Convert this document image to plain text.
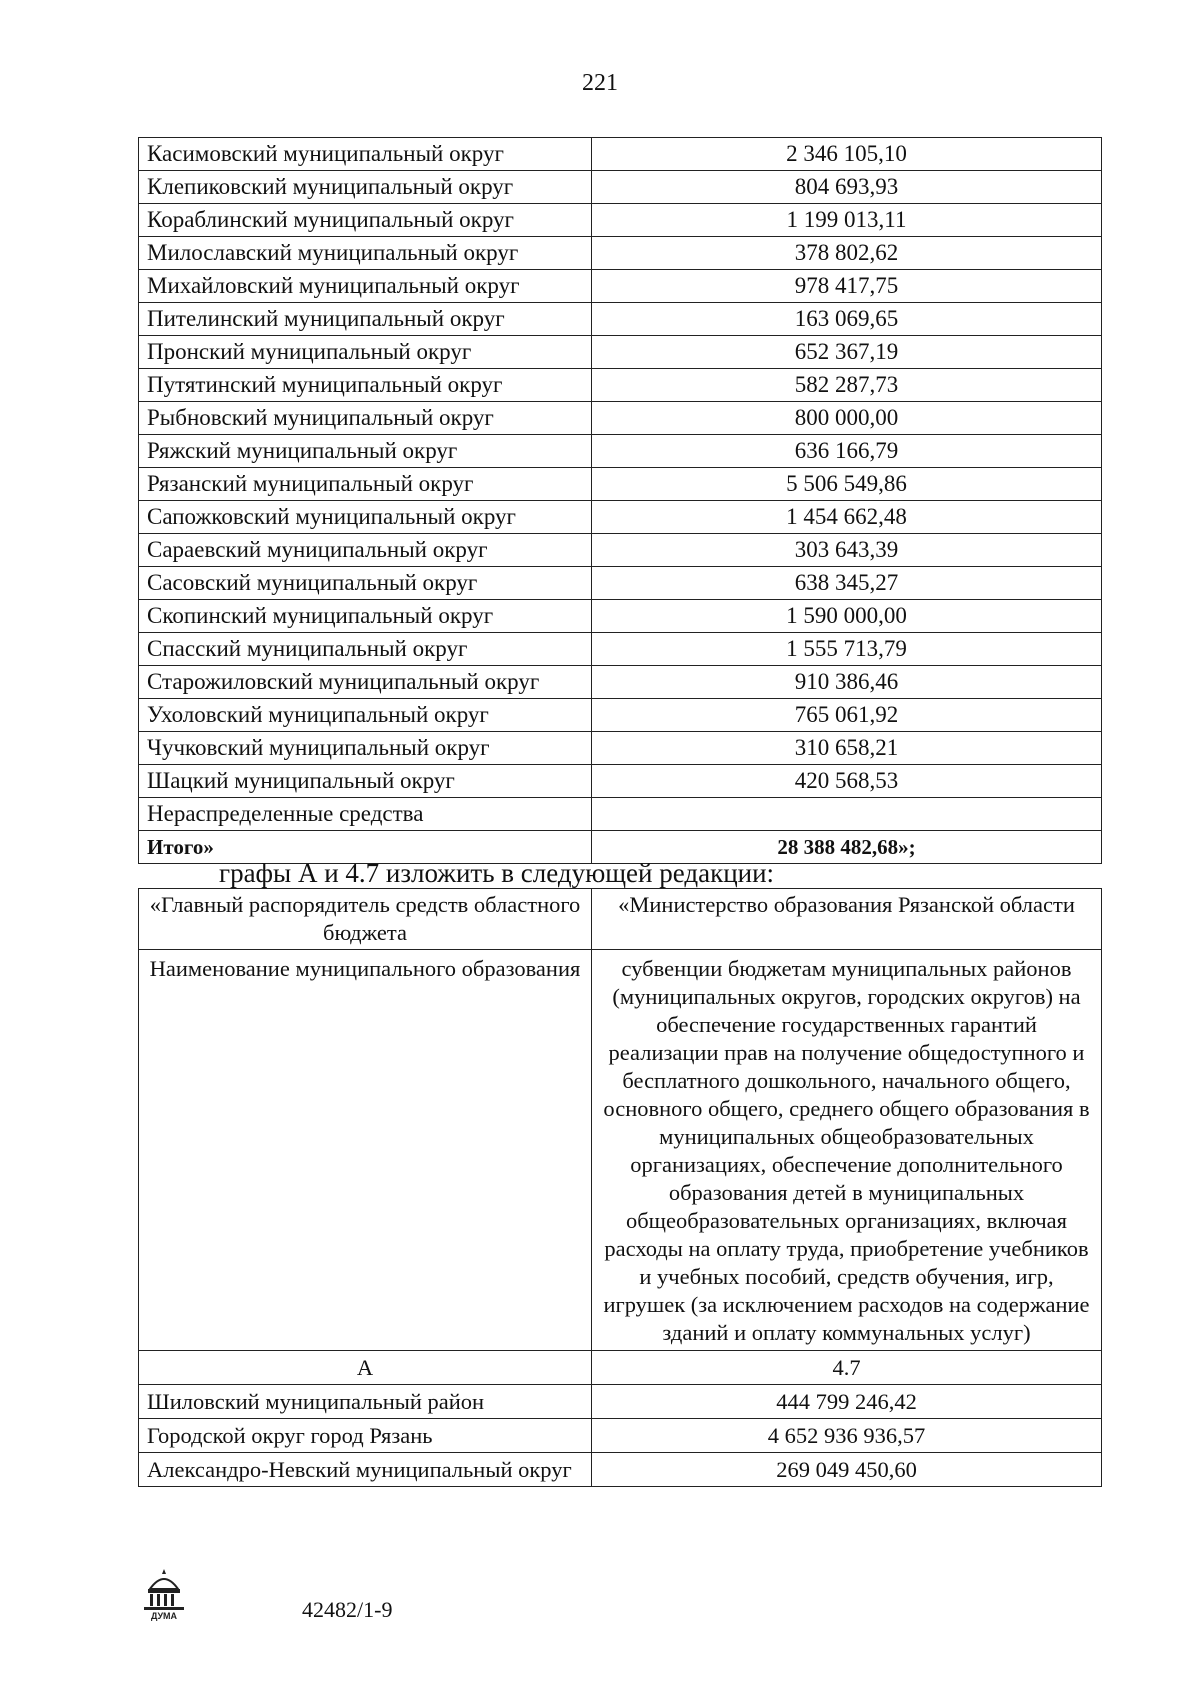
221
Касимовский муниципальный округ	2 346 105,10
Клепиковский муниципальный округ	804 693,93
Кораблинский муниципальный округ	1 199 013,11
Милославский муниципальный округ	378 802,62
Михайловский муниципальный округ	978 417,75
Пителинский муниципальный округ	163 069,65
Пронский муниципальный округ	652 367,19
Путятинский муниципальный округ	582 287,73
Рыбновский муниципальный округ	800 000,00
Ряжский муниципальный округ	636 166,79
Рязанский муниципальный округ	5 506 549,86
Сапожковский муниципальный округ	1 454 662,48
Сараевский муниципальный округ	303 643,39
Сасовский муниципальный округ	638 345,27
Скопинский муниципальный округ	1 590 000,00
Спасский муниципальный округ	1 555 713,79
Старожиловский муниципальный округ	910 386,46
Ухоловский муниципальный округ	765 061,92
Чучковский муниципальный округ	310 658,21
Шацкий муниципальный округ	420 568,53
Нераспределенные средства	
Итого»	28 388 482,68»;
графы А и 4.7 изложить в следующей редакции:
«Главный распорядитель средств областного бюджета	«Министерство образования Рязанской области
Наименование муниципального образования	субвенции бюджетам муниципальных районов (муниципальных округов, городских округов) на обеспечение государственных гарантий реализации прав на получение общедоступного и бесплатного дошкольного, начального общего, основного общего, среднего общего образования в муниципальных общеобразовательных организациях, обеспечение дополнительного образования детей в муниципальных общеобразовательных организациях, включая расходы на оплату труда, приобретение учебников и учебных пособий, средств обучения, игр, игрушек (за исключением расходов на содержание зданий и оплату коммунальных услуг)
А	4.7
Шиловский муниципальный район	444 799 246,42
Городской округ город Рязань	4 652 936 936,57
Александро-Невский муниципальный округ	269 049 450,60
ДУМА	42482/1-9
